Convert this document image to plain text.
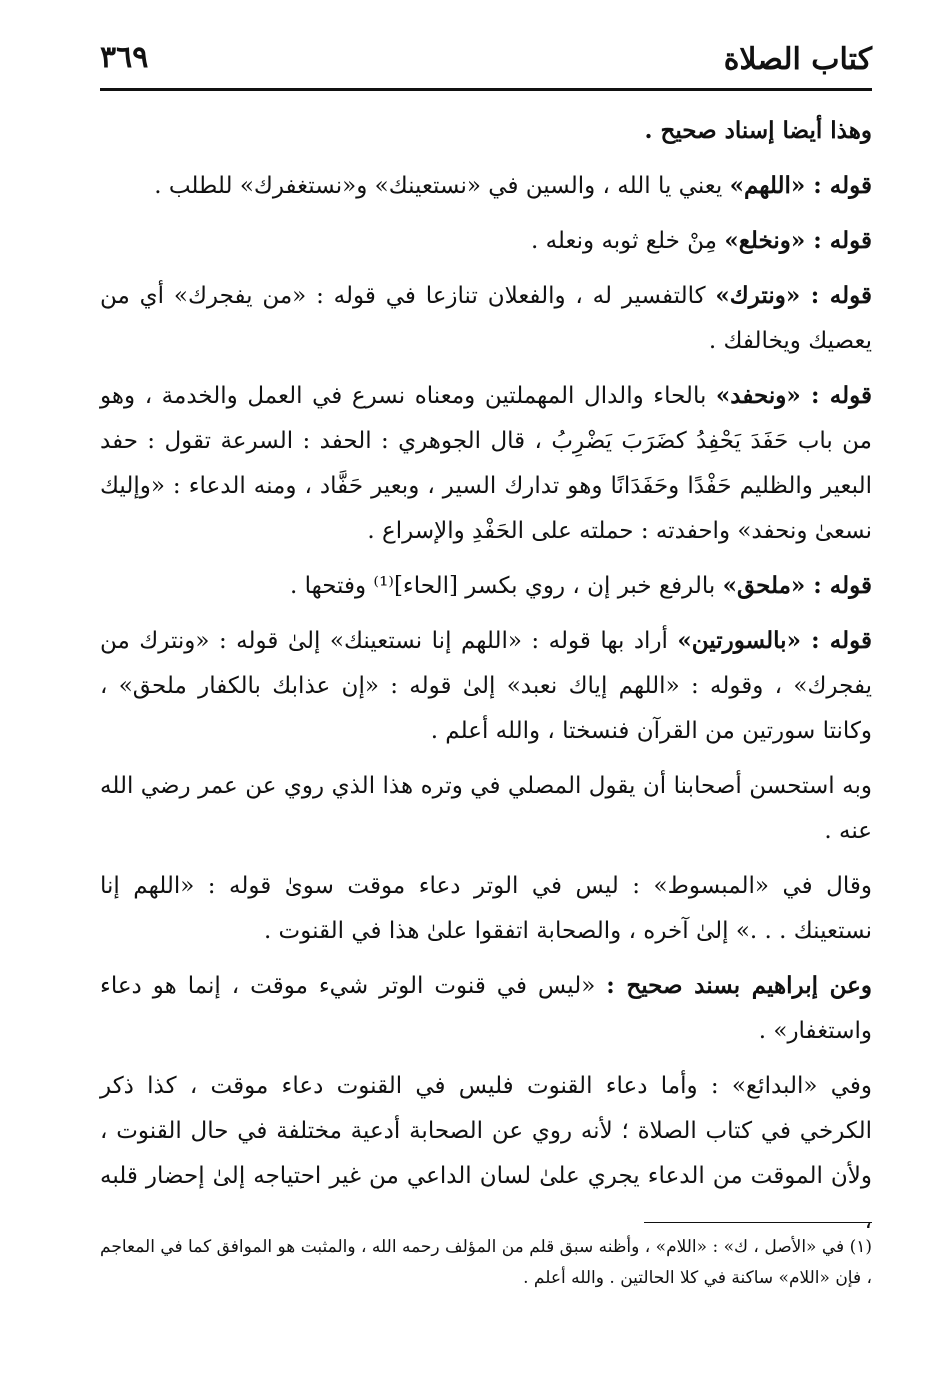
كتاب الصلاة
٣٦٩

وهذا أيضا إسناد صحيح .

قوله : «اللهم» يعني يا الله ، والسين في «نستعينك» و«نستغفرك» للطلب .

قوله : «ونخلع» مِنْ خلع ثوبه ونعله .

قوله : «ونترك» كالتفسير له ، والفعلان تنازعا في قوله : «من يفجرك» أي من يعصيك ويخالفك .

قوله : «ونحفد» بالحاء والدال المهملتين ومعناه نسرع في العمل والخدمة ، وهو من باب حَفَدَ يَحْفِدُ كضَرَبَ يَضْرِبُ ، قال الجوهري : الحفد : السرعة تقول : حفد البعير والظليم حَفْدًا وحَفَدَانًا وهو تدارك السير ، وبعير حَفَّاد ، ومنه الدعاء : «وإليك نسعىٰ ونحفد» واحفدته : حملته على الحَفْدِ والإسراع .

قوله : «ملحق» بالرفع خبر إن ، روي بكسر [الحاء]⁽¹⁾ وفتحها .

قوله : «بالسورتين» أراد بها قوله : «اللهم إنا نستعينك» إلىٰ قوله : «ونترك من يفجرك» ، وقوله : «اللهم إياك نعبد» إلىٰ قوله : «إن عذابك بالكفار ملحق» ، وكانتا سورتين من القرآن فنسختا ، والله أعلم .

وبه استحسن أصحابنا أن يقول المصلي في وتره هذا الذي روي عن عمر رضي الله عنه .

وقال في «المبسوط» : ليس في الوتر دعاء موقت سوىٰ قوله : «اللهم إنا نستعينك . . .» إلىٰ آخره ، والصحابة اتفقوا علىٰ هذا في القنوت .

وعن إبراهيم بسند صحيح : «ليس في قنوت الوتر شيء موقت ، إنما هو دعاء واستغفار» .

وفي «البدائع» : وأما دعاء القنوت فليس في القنوت دعاء موقت ، كذا ذكر الكرخي في كتاب الصلاة ؛ لأنه روي عن الصحابة أدعية مختلفة في حال القنوت ، ولأن الموقت من الدعاء يجري علىٰ لسان الداعي من غير احتياجه إلىٰ إحضار قلبه ،

(١) في «الأصل ، ك» : «اللام» ، وأظنه سبق قلم من المؤلف رحمه الله ، والمثبت هو الموافق كما في المعاجم ، فإن «اللام» ساكنة في كلا الحالتين . والله أعلم .
